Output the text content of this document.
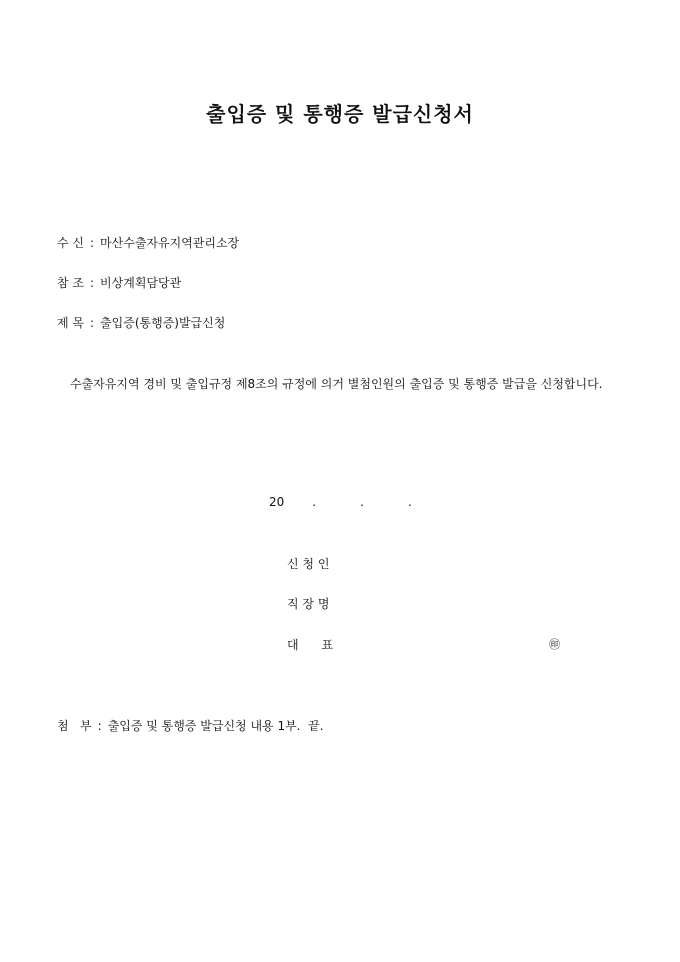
출입증 및 통행증 발급신청서
수 신 : 마산수출자유지역관리소장
참 조 : 비상계획담당관
제 목 : 출입증(통행증)발급신청
수출자유지역 경비 및 출입규정 제8조의 규정에 의거 별첨인원의 출입증 및 통행증 발급을 신청합니다.
20 .	.	.
신 청 인
직 장 명
대      표	㊞
첨   부 : 출입증 및 통행증 발급신청 내용 1부.  끝.
